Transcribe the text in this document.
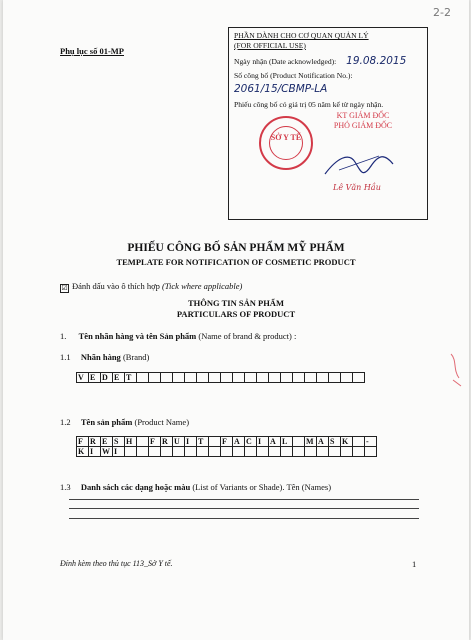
2-2
Phụ lục số 01-MP
PHẦN DÀNH CHO CƠ QUAN QUẢN LÝ
(FOR OFFICIAL USE)
Ngày nhận (Date acknowledged): 19.08.2015
Số công bố (Product Notification No.):
2061/15/CBMP-LA
Phiếu công bố có giá trị 05 năm kể từ ngày nhận.
SỞ Y TẾ
KT GIÁM ĐỐC
PHÓ GIÁM ĐỐC
Lê Văn Hầu
PHIẾU CÔNG BỐ SẢN PHẨM MỸ PHẨM
TEMPLATE FOR NOTIFICATION OF COSMETIC PRODUCT
☑ Đánh dấu vào ô thích hợp (Tick where applicable)
THÔNG TIN SẢN PHẨM
PARTICULARS OF PRODUCT
1. Tên nhãn hàng và tên Sản phẩm (Name of brand & product) :
1.1 Nhãn hàng (Brand)
V	E	D	E	T																			
1.2 Tên sản phẩm (Product Name)
F	R	E	S	H		F	R	U	I	T		F	A	C	I	A	L		M	A	S	K		-
K	I	W	I																					
1.3 Danh sách các dạng hoặc màu (List of Variants or Shade). Tên (Names)
Đính kèm theo thủ tục 113_Sở Y tế.	1
